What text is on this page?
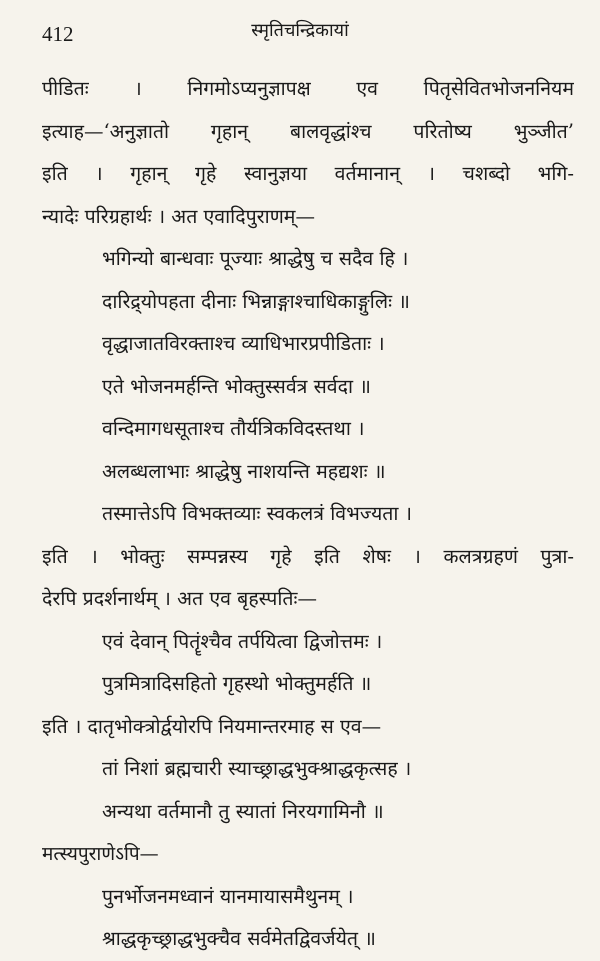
412	स्मृतिचन्द्रिकायां
पीडितः । निगमोऽप्यनुज्ञापक्ष एव पितृसेवितभोजननियम
इत्याह—‘अनुज्ञातो गृहान् बालवृद्धांश्च परितोष्य भुञ्जीत’
इति । गृहान् गृहे स्वानुज्ञया वर्तमानान् । चशब्दो भगि-
न्यादेः परिग्रहार्थः । अत एवादिपुराणम्—
भगिन्यो बान्धवाः पूज्याः श्राद्धेषु च सदैव हि ।
दारिद्र्योपहता दीनाः भिन्नाङ्गाश्चाधिकाङ्गुलिः ॥
वृद्धाजातविरक्ताश्च व्याधिभारप्रपीडिताः ।
एते भोजनमर्हन्ति भोक्तुस्सर्वत्र सर्वदा ॥
वन्दिमागधसूताश्च तौर्यत्रिकविदस्तथा ।
अलब्धलाभाः श्राद्धेषु नाशयन्ति महद्यशः ॥
तस्मात्तेऽपि विभक्तव्याः स्वकलत्रं विभज्यता ।
इति । भोक्तुः सम्पन्नस्य गृहे इति शेषः । कलत्रग्रहणं पुत्रा-
देरपि प्रदर्शनार्थम् । अत एव बृहस्पतिः—
एवं देवान् पितॄंश्चैव तर्पयित्वा द्विजोत्तमः ।
पुत्रमित्रादिसहितो गृहस्थो भोक्तुमर्हति ॥
इति । दातृभोक्त्रोर्द्वयोरपि नियमान्तरमाह स एव—
तां निशां ब्रह्मचारी स्याच्छ्राद्धभुक्श्राद्धकृत्सह ।
अन्यथा वर्तमानौ तु स्यातां निरयगामिनौ ॥
मत्स्यपुराणेऽपि—
पुनर्भोजनमध्वानं यानमायासमैथुनम् ।
श्राद्धकृच्छ्राद्धभुक्चैव सर्वमेतद्विवर्जयेत् ॥
